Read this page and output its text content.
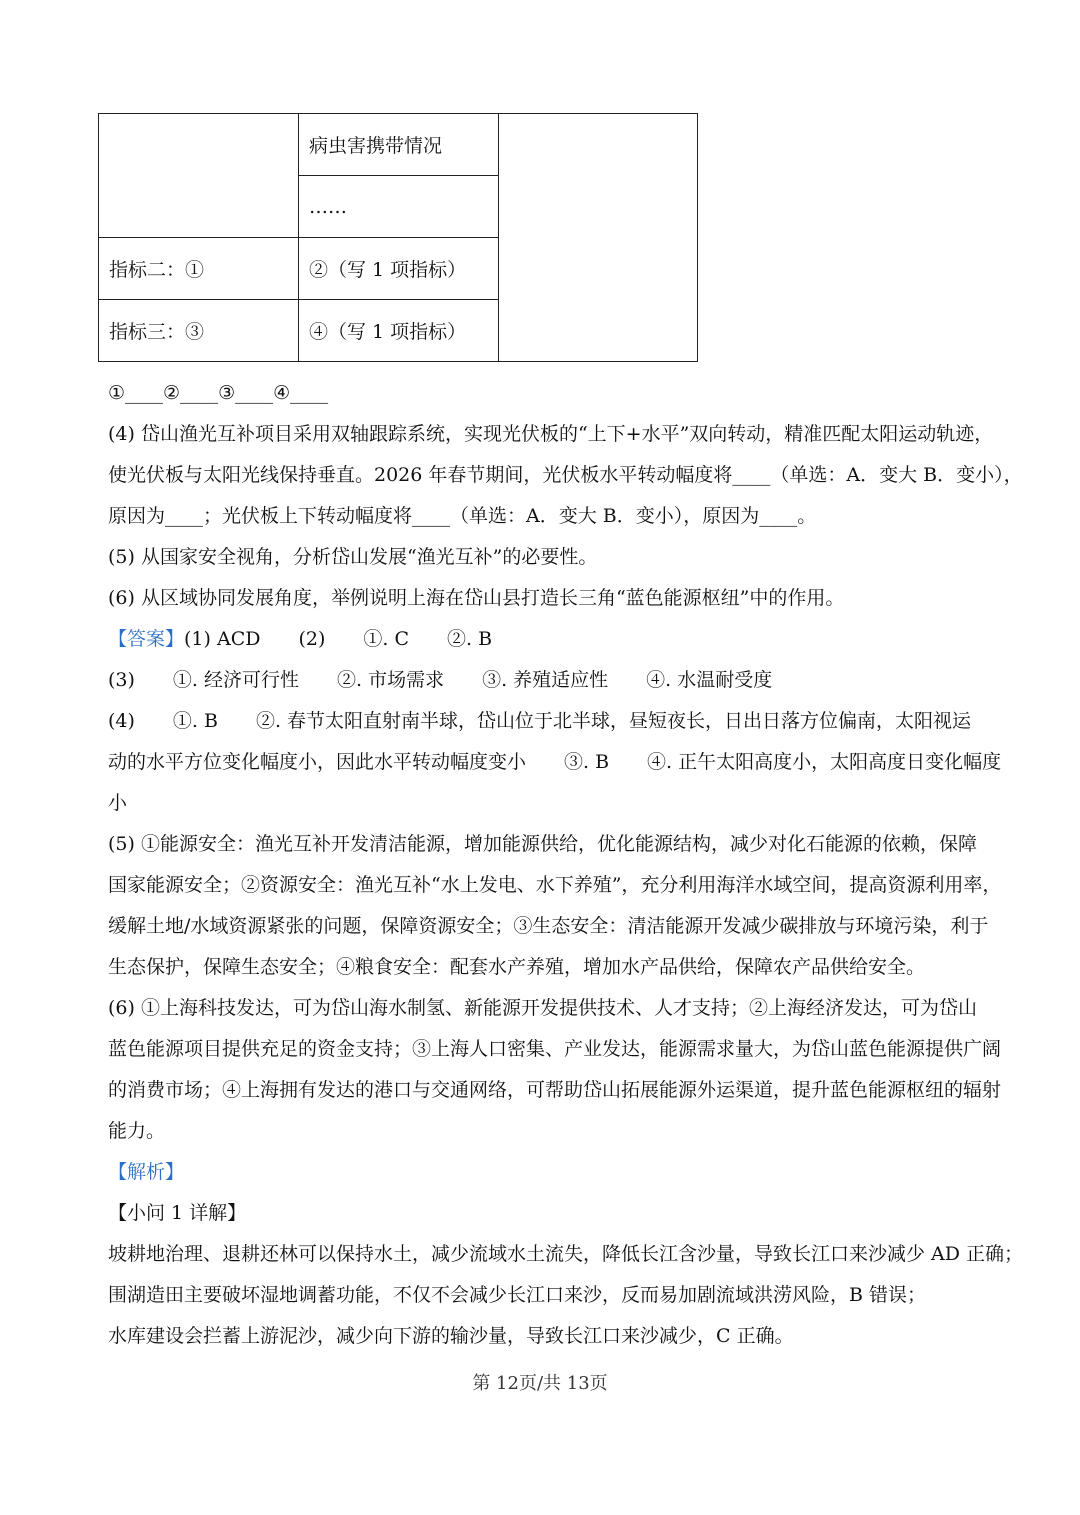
	病虫害携带情况	
	……	
指标二：①	②（写 1 项指标）	
指标三：③	④（写 1 项指标）	
①____②____③____④____
(4) 岱山渔光互补项目采用双轴跟踪系统，实现光伏板的“上下+水平”双向转动，精准匹配太阳运动轨迹，
使光伏板与太阳光线保持垂直。2026 年春节期间，光伏板水平转动幅度将____（单选：A．变大 B．变小），
原因为____；光伏板上下转动幅度将____（单选：A．变大 B．变小），原因为____。
(5) 从国家安全视角，分析岱山发展“渔光互补”的必要性。
(6) 从区域协同发展角度，举例说明上海在岱山县打造长三角“蓝色能源枢纽”中的作用。
【答案】(1) ACD　　(2)　　①. C　　②. B
(3)　　①. 经济可行性　　②. 市场需求　　③. 养殖适应性　　④. 水温耐受度
(4)　　①. B　　②. 春节太阳直射南半球，岱山位于北半球，昼短夜长，日出日落方位偏南，太阳视运
动的水平方位变化幅度小，因此水平转动幅度变小　　③. B　　④. 正午太阳高度小，太阳高度日变化幅度
小
(5) ①能源安全：渔光互补开发清洁能源，增加能源供给，优化能源结构，减少对化石能源的依赖，保障
国家能源安全；②资源安全：渔光互补“水上发电、水下养殖”，充分利用海洋水域空间，提高资源利用率，
缓解土地/水域资源紧张的问题，保障资源安全；③生态安全：清洁能源开发减少碳排放与环境污染，利于
生态保护，保障生态安全；④粮食安全：配套水产养殖，增加水产品供给，保障农产品供给安全。
(6) ①上海科技发达，可为岱山海水制氢、新能源开发提供技术、人才支持；②上海经济发达，可为岱山
蓝色能源项目提供充足的资金支持；③上海人口密集、产业发达，能源需求量大，为岱山蓝色能源提供广阔
的消费市场；④上海拥有发达的港口与交通网络，可帮助岱山拓展能源外运渠道，提升蓝色能源枢纽的辐射
能力。
【解析】
【小问 1 详解】
坡耕地治理、退耕还林可以保持水土，减少流域水土流失，降低长江含沙量，导致长江口来沙减少 AD 正确；
围湖造田主要破坏湿地调蓄功能，不仅不会减少长江口来沙，反而易加剧流域洪涝风险，B 错误；
水库建设会拦蓄上游泥沙，减少向下游的输沙量，导致长江口来沙减少，C 正确。
第 12页/共 13页
